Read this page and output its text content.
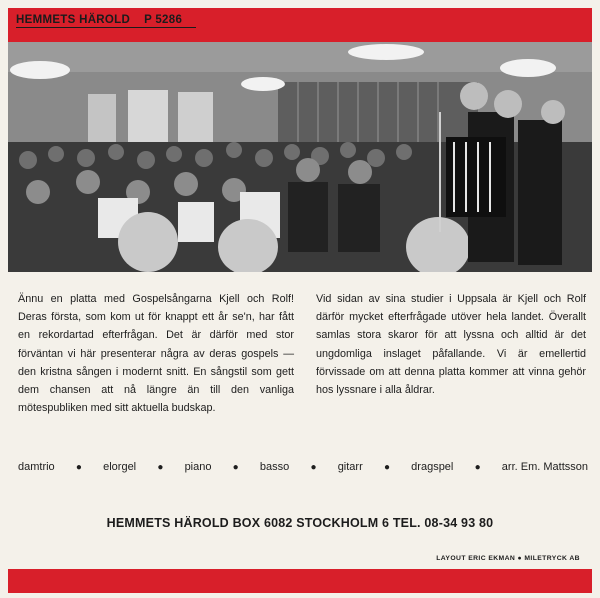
HEMMETS HÄROLD P 5286
Ännu en platta med Gospelsångarna Kjell och Rolf! Deras första, som kom ut för knappt ett år se'n, har fått en rekordartad efterfrågan. Det är därför med stor förväntan vi här presenterar några av deras gospels — den kristna sången i modernt snitt. En sångstil som gett dem chansen att nå längre än till den vanliga mötespubliken med sitt aktuella budskap.
Vid sidan av sina studier i Uppsala är Kjell och Rolf därför mycket efterfrågade utöver hela landet. Överallt samlas stora skaror för att lyssna och alltid är det ungdomliga inslaget påfallande. Vi är emellertid förvissade om att denna platta kommer att vinna gehör hos lyssnare i alla åldrar.
damtrio ● elorgel ● piano ● basso ● gitarr ● dragspel ● arr. Em. Mattsson
HEMMETS HÄROLD BOX 6082 STOCKHOLM 6 TEL. 08-34 93 80
LAYOUT ERIC EKMAN ● MILETRYCK AB
